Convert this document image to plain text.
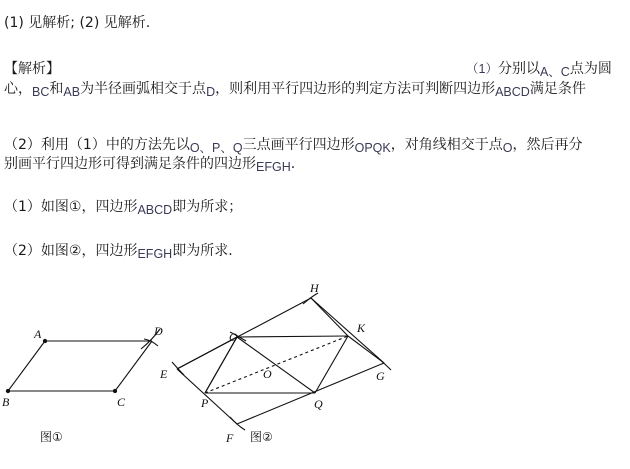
(1) 见解析; (2) 见解析.
【解析】	（1）分别以A、C点为圆
心，BC和AB为半径画弧相交于点D，则利用平行四边形的判定方法可判断四边形ABCD满足条件
（2）利用（1）中的方法先以O、P、Q三点画平行四边形OPQK，对角线相交于点O，然后再分
别画平行四边形可得到满足条件的四边形EFGH.
（1）如图①，四边形ABCD即为所求；
（2）如图②，四边形EFGH即为所求.
A
B	C
D
图①
H
K
O
O
E	G
P	Q
F 图②
